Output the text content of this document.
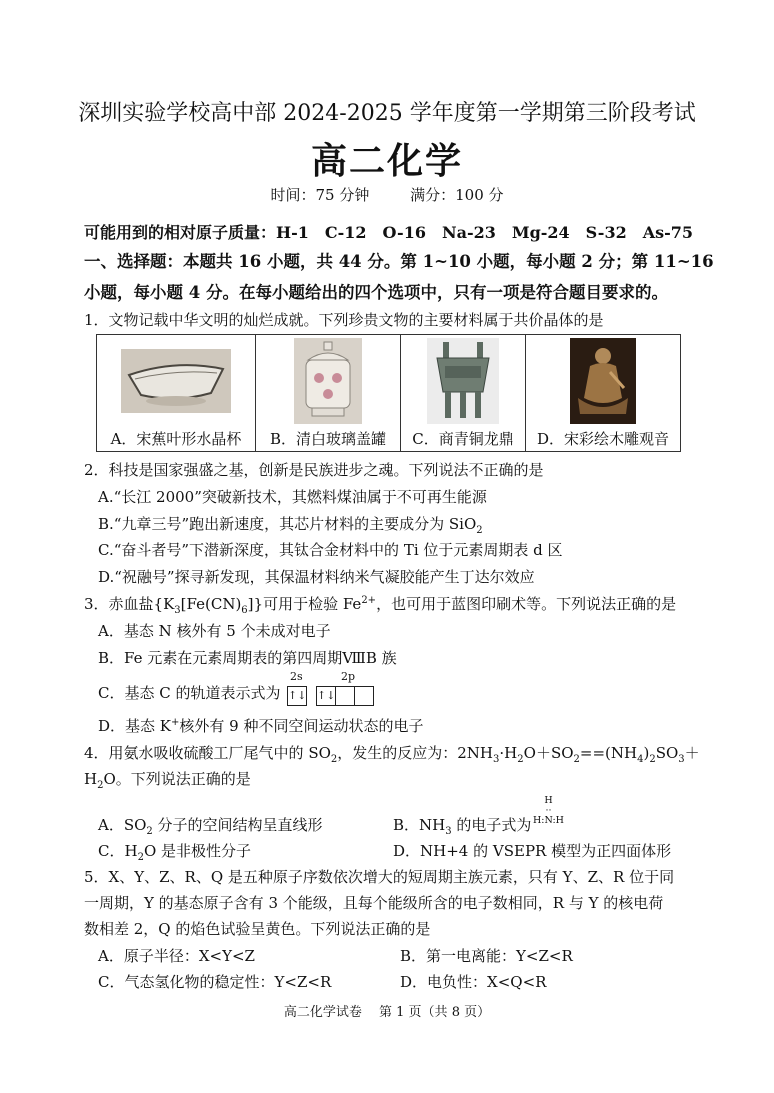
深圳实验学校高中部 2024-2025 学年度第一学期第三阶段考试
高二化学
时间：75 分钟	满分：100 分
可能用到的相对原子质量：H-1　C-12　O-16　Na-23　Mg-24　S-32　As-75
一、选择题：本题共 16 小题，共 44 分。第 1~10 小题，每小题 2 分；第 11~16
小题，每小题 4 分。在每小题给出的四个选项中，只有一项是符合题目要求的。
1．文物记载中华文明的灿烂成就。下列珍贵文物的主要材料属于共价晶体的是
A．宋蕉叶形水晶杯	B．清白玻璃盖罐	C．商青铜龙鼎	D．宋彩绘木雕观音
2．科技是国家强盛之基，创新是民族进步之魂。下列说法不正确的是
A.“长江 2000”突破新技术，其燃料煤油属于不可再生能源
B.“九章三号”跑出新速度，其芯片材料的主要成分为 SiO$_2$
C.“奋斗者号”下潜新深度，其钛合金材料中的 Ti 位于元素周期表 d 区
D.“祝融号”探寻新发现，其保温材料纳米气凝胶能产生丁达尔效应
3．赤血盐$\{K_3[Fe(CN)_6]\}$可用于检验 $Fe^{2+}$，也可用于蓝图印刷术等。下列说法正确的是
A．基态 N 核外有 5 个未成对电子
B．Fe 元素在元素周期表的第四周期ⅧB 族
C．基态 C 的轨道表示式为
2s	2p
↑↓ ↑↓
D．基态 K+核外有 9 种不同空间运动状态的电子
4．用氨水吸收硫酸工厂尾气中的 $SO_2$，发生的反应为：$2NH_3\cdot H_2O+SO_2==(NH_4)_2SO_3+$
$H_2O$。下列说法正确的是
A．$SO_2$ 分子的空间结构呈直线形	B．$NH_3$ 的电子式为
H
··
H:N:H
C．$H_2O$ 是非极性分子	D．NH+4 的 VSEPR 模型为正四面体形
5．X、Y、Z、R、Q 是五种原子序数依次增大的短周期主族元素，只有 Y、Z、R 位于同
一周期，Y 的基态原子含有 3 个能级，且每个能级所含的电子数相同，R 与 Y 的核电荷
数相差 2，Q 的焰色试验呈黄色。下列说法正确的是
A．原子半径：X<Y<Z	B．第一电离能：Y<Z<R
C．气态氢化物的稳定性：Y<Z<R	D．电负性：X<Q<R
高二化学试卷　 第 1 页（共 8 页）
